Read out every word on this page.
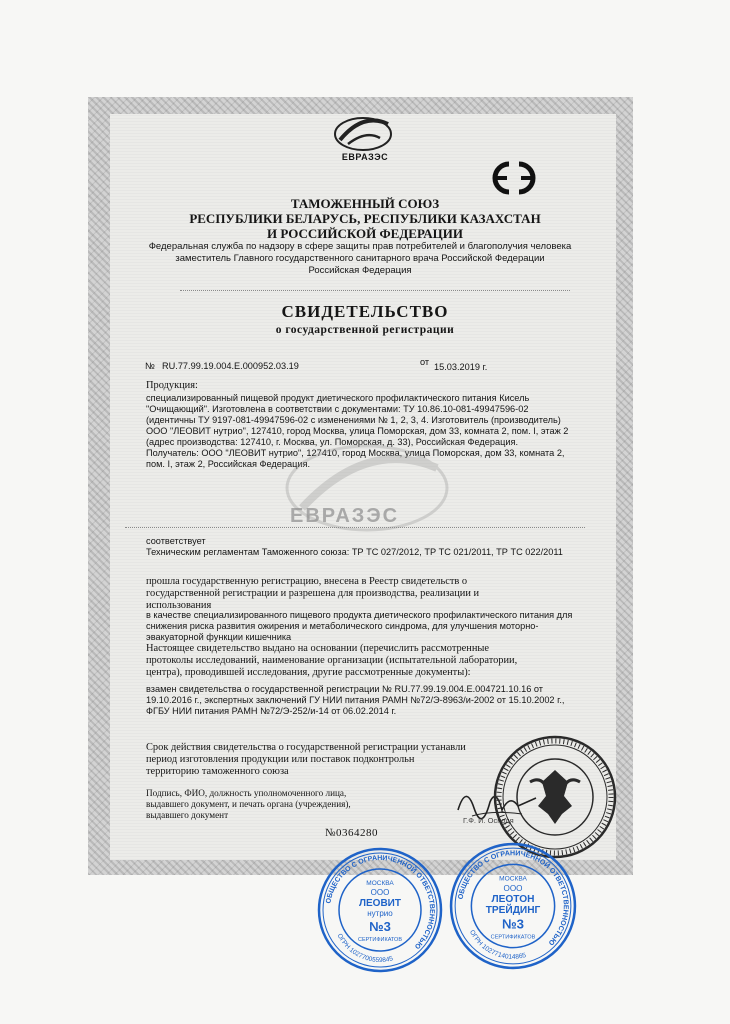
ЕВРАЗЭС
ТАМОЖЕННЫЙ СОЮЗ
РЕСПУБЛИКИ БЕЛАРУСЬ, РЕСПУБЛИКИ КАЗАХСТАН
И РОССИЙСКОЙ ФЕДЕРАЦИИ
Федеральная служба по надзору в сфере защиты прав потребителей и благополучия человека
заместитель Главного государственного санитарного врача Российской Федерации
Российская Федерация
СВИДЕТЕЛЬСТВО
о государственной регистрации
№ RU.77.99.19.004.E.000952.03.19	от 15.03.2019 г.
Продукция:
специализированный пищевой продукт диетического профилактического питания Кисель
"Очищающий". Изготовлена в соответствии с документами: ТУ 10.86.10-081-49947596-02
(идентичны ТУ 9197-081-49947596-02 с изменениями № 1, 2, 3, 4. Изготовитель (производитель)
ООО "ЛЕОВИТ нутрио", 127410, город Москва, улица Поморская, дом 33, комната 2, пом. I, этаж 2
(адрес производства: 127410, г. Москва, ул. Поморская, д. 33), Российская Федерация.
Получатель: ООО "ЛЕОВИТ нутрио", 127410, город Москва, улица Поморская, дом 33, комната 2,
пом. I, этаж 2, Российская Федерация.
ЕВРАЗЭС
соответствует
Техническим регламентам Таможенного союза: ТР ТС 027/2012, ТР ТС 021/2011, ТР ТС 022/2011
прошла государственную регистрацию, внесена в Реестр свидетельств о
государственной регистрации и разрешена для производства, реализации и
использования
в качестве специализированного пищевого продукта диетического профилактического питания для
снижения риска развития ожирения и метаболического синдрома, для улучшения моторно-
эвакуаторной функции кишечника
Настоящее свидетельство выдано на основании (перечислить рассмотренные
протоколы исследований, наименование организации (испытательной лаборатории,
центра), проводившей исследования, другие рассмотренные документы):
взамен свидетельства о государственной регистрации № RU.77.99.19.004.E.004721.10.16 от
19.10.2016 г., экспертных заключений ГУ НИИ питания РАМН №72/Э-8963/и-2002 от 15.10.2002 г.,
ФГБУ НИИ питания РАМН №72/Э-252/и-14 от 06.02.2014 г.
Срок действия свидетельства о государственной регистрации устанавли
период изготовления продукции или поставок подконтрольн
территорию таможенного союза
Подпись, ФИО, должность уполномоченного лица,
выдавшего документ, и печать органа (учреждения),
выдавшего документ
Г.Ф. И. Осподя
№0364280
ОБЩЕСТВО С ОГРАНИЧЕННОЙ ОТВЕТСТВЕННОСТЬЮ
ОГРН 1027700559845
МОСКВА
ООО
ЛЕОВИТ
нутрио
№3
СЕРТИФИКАТОВ
ОБЩЕСТВО С ОГРАНИЧЕННОЙ ОТВЕТСТВЕННОСТЬЮ
ОГРН 1027714014865
МОСКВА
ООО
ЛЕОТОН
ТРЕЙДИНГ
№3
СЕРТИФИКАТОВ
